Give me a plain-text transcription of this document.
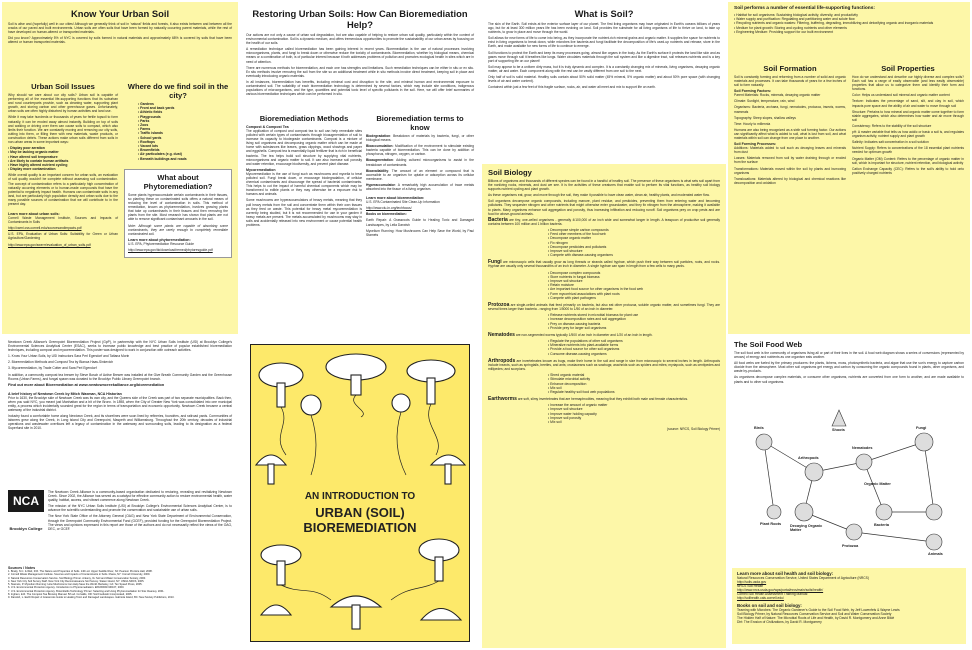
Know Your Urban Soil

Soil is alive and (hopefully) well in our cities! Although we generally think of soil in 'natural' fields and forests, it also exists between and between all the cracks of our paved and built environments. Urban soils are often soils that have been formed by naturally occurring parent materials, while the rest of have developed on human-altered or transported materials.

Did you know? Approximately 5% of NYC is covered by soils formed in natural materials and approximately 68% is covered by soils that have been altered or human transported materials.

Urban Soil Issues

Why should we care about our city soils? Urban soil is capable of performing all of the essential life-supporting functions that its suburban and rural counterparts provide, such as cleaning water, supporting plant growth, and storing carbon and other greenhouse gases. Unfortunately, urban soils are often highly disturbed by human activities and land use.

While it may take hundreds or thousands of years for fertile topsoil to form naturally, it can be eroded away almost instantly. Building on top of soils and walking or driving over them can cause soils to compact, which also limits their function. We are constantly moving and removing our city soils, cutting into them, or filling them with new materials, waste products, or construction debris. These actions make urban soils different from soils in non-urban areas in some important ways:

• Display poor aeration
• May be lacking organic matter
• Have altered soil temperature
• Are likely to contain human artifacts
• Have highly altered nutrient cycling
• Display more contamination

While overall quality is an important concern for urban soils, an evaluation of soil quality wouldn't be complete without assessing soil contamination. The concept of contamination refers to a particularly high concentration of naturally occurring elements or to human-made compounds that have the potential to negatively impact health. Humans can contaminate soils in any land, but are particularly high population density and urban soils due to the many possible sources of contamination that we will contribute to in the present day.

Learn more about urban soils:

Cornell Waste Management Institute, Sources and Impacts of Contaminants in Soils

http://cwmi.css.cornell.edu/sourcesandimpacts.pdf

U.S. EPA, Evaluation of Urban Soils: Suitability for Green or Urban Agriculture/Gardening

http://www.epa.gov/swerrr/evaluation_of_urban_soils.pdf

Where do we find soil in the city?
• Gardens
• Front and back yards
• Athletic fields
• Playgrounds
• Parks
• Zoos
• Farms
• Traffic islands
• School yards
• Rooftops
• Vacant lots
• Brownfields
• Air particulates (e.g. dust)
• Beneath buildings and roads
What about Phytoremediation?

Some plants hyperaccumulate certain contaminants in their tissues, so planting these on contaminated soils offers a natural means of reducing the level of contamination in soils. This method of remediation, known as phytoremediation, involves growing plants that take up contaminants in their tissues and then removing the plants from the site. Most research has shown that plants are not able to remove significant contaminant amounts in the soil.

Note: Although some plants are capable of absorbing some contaminants, they are rarely enough to completely remediate contaminated soil.

Learn more about phytoremediation:

U.S. EPA, Phytoremediation Resource Guide

http://www.epa.gov/tio/download/remed/phytoresguide.pdf

Restoring Urban Soils: How Can Bioremediation Help?

Our actions are not only a cause of urban soil degradation, but are also capable of helping to restore urban soil quality, particularly within the context of environmental contamination. Soil is a dynamic medium, and offers tremendous opportunities to promote the sustainability of our urban areas by focusing on the health of our soils.

A remediation technique called bioremediation has been gaining interest in recent years. Bioremediation is the use of natural processes involving microorganisms, plants, and fungi to break down or otherwise reduce the toxicity of contaminants. Bioremediation, whether by biological means, chemical means or a combination of both, is of particular interest because it both addresses problems of pollution and promotes ecological health in sites which are in need of attention.

There are numerous methods for bioremediation, and each one has strengths and limitations. Such remediation techniques can be either in situ or ex situ. Ex situ methods involve removing the soil from the site so an additional treatment while in situ methods involve direct treatment, keeping soil in place and eventually introducing organic materials.

In all instances, bioremediation has benefits, including minimal cost and disruption to the site, and minimal human and environmental exposure to contaminated soil. The suitability of each bioremediation technology is determined by several factors, which may include site conditions, indigenous populations of microorganisms, and the type, quantities and potential toxic level of specific pollutants in the soil. Here, we will offer brief summaries of various bioremediation techniques which can be performed in situ.

Bioremediation Methods
Compost & Compost Tea

The application of compost and compost tea to soil can help remediate sites polluted with certain types of contaminants through bioaugmentation of soil to increase its capacity to biodegrade contaminants. Compost is a mixture of living soil organisms and decomposing organic matter which can be made at home with substances like leaves, grass clippings, wood shavings and paper and eggshells. Compost tea is essentially liquid fertilizer that is rich in beneficial bacteria. The tea helps build soil structure by supplying vital nutrients, microorganisms and organic matter to soil. It can also increase soil porosity and water retention, encourage biodiversity, and prevent plant disease.

Mycoremediation

Mycoremediation is the use of fungi such as mushrooms and mycelia to treat polluted soil. Fungi break down, or encourage biodegradation, of cellular chemical contaminants and discourage the spread of bacterial contaminants. This helps to cut the impact of harmful chemical components which may be transformed to edible plants or they may otherwise be a exposure risk to humans and animals.

Some mushrooms are hyperaccumulators of heavy metals, meaning that they pull heavy metals from the soil and concentrate them within their own tissues as they feed on waste. This potential for heavy metal mycoremediation is currently being studied, but it is not recommended for use in your garden if heavy metals are present. The metals accumulated by mushrooms may stay in soils and accidentally released into new environment or cause potential health problems.

Bioremediation terms to know

Biodegradation: Breakdown of materials by bacteria, fungi, or other biological means.

Bioaccumulation: Modification of the environment to stimulate existing bacteria capable of bioremediation. This can be done by addition of phosphorus, nitrogen, oxygen, or carbon.

Bioaugmentation: Adding cultured microorganisms to assist in the breakdown of contaminants.

Bioavailability: The amount of an element or compound that is accessible to an organism for uptake or adsorption across its cellular membrane.

Hyperaccumulator: A remarkably high accumulation of trace metals absorbed into the tissue of a living organism.

Learn more about bioremediation:

U.S. EPA Contaminated Site Clean-Up Information

http://www.clu-in.org/techfocus/

Books on bioremediation:

Earth Repair: A Grassroots Guide to Healing Toxic and Damaged Landscapes, by Leila Darwish

Mycelium Running: How Mushrooms Can Help Save the World, by Paul Stamets

Newtown Creek Alliance's Greenpoint Bioremediation Project (GpP), in partnership with the NYC Urban Soils Institute (USI) at Brooklyn College's Environmental Sciences Analytical Center (ESAC), seeks to increase public knowledge and best practice of popular established bioremediation techniques, including compost and mycoremediation. This poster was designed to work in conjunction with outreach activities.

1. Know Your Urban Soils, by USI instructors Sara Perl Egendorf and Tatiana Morin

2. Bioremediation Methods and Compost Tea by Bianca Haas-Sinkevich

3. Mycoremediation, by Trade Cotter and Sara Perl Egendorf

In addition, a community compost tea brewer by Steve Bosch of Active Brewer was installed at the Give Breath Community Garden and the Greenhouse Rooms (Urban Farms), and fungal spawn was donated to the Brooklyn Public Library Greenpoint branch.

Find out more about Bioremediation at www.newtowncreekalliance.org/bioremediation
A brief history of Newtown Creek by Mitch Waxman, NCA Historian

Prior to 1630, the Brooklyn side of Newtown Creek was its own city, and the Queens side of the Creek was part of two separate municipalities. Back then, when you said NYC, you meant just Manhattan and a bit of the Bronx. In 1898, when the City of Greater New York was consolidated into one municipal entity, a process which incidentally sounded great for the region in terms of transportation and economic opportunity. Newtown Creek became a central waterway of the industrial district.

Industry found a comfortable home along Newtown Creek, and its shorelines were soon lined by refineries, foundries, and railroad yards. Communities of laborers grew along the Creek, in Long Island City and Greenpoint, Maspeth and Williamsburg. Throughout the 20th century, decades of industrial operations and wastewater overflows left a legacy of contamination in the waterway and surrounding soils, leading to its designation as a federal Superfund site in 2010.

NCA
Brooklyn College

The Newtown Creek Alliance is a community-based organization dedicated to restoring, revealing and revitalizing Newtown Creek. Since 2002, the Alliance has served as a catalyst for effective community action to restore environmental health, water quality, habitat, access, and vibrant commerce along Newtown Creek.

The mission of the NYC Urban Soils Institute (USI) at Brooklyn College's Environmental Sciences Analytical Center, is to advance the scientific understanding and promote the conservation and sustainable use of urban soils.

The New York State Office of the Attorney General (OAG) and New York State Department of Environmental Conservation, through the Greenpoint Community Environmental Fund (GCEF), provided funding for the Greenpoint Bioremediation Project. The views and opinions expressed in this report are those of the authors and do not necessarily reflect the views of the OAG, DEC, or GCEF.

Sources / Notes

1. Brady, N.C. & Weil, R.R. The Nature and Properties of Soils. 14th ed. Upper Saddle River, NJ: Pearson Prentice Hall, 2008.

2. Cornell Waste Management Institute. Sources and Impacts of Contaminants in Soils. Ithaca, NY: Cornell University, 2009.

3. Natural Resources Conservation Service. Soil Biology Primer. Ankeny, IA: Soil and Water Conservation Society, 2000.

4. New York City Soil Survey Staff. New York City Reconnaissance Soil Survey. Staten Island, NY: USDA-NRCS, 2005.

5. Stamets, P. Mycelium Running: How Mushrooms Can Help Save the World. Berkeley, CA: Ten Speed Press, 2005.

6. U.S. Environmental Protection Agency. Introduction to Phytoremediation. EPA/600/R-99/107, 2000.

7. U.S. Environmental Protection Agency. Brownfields Technology Primer: Selecting and Using Phytoremediation for Site Cleanup, 2001.

8. Ingham, E.R. The Compost Tea Brewing Manual. 5th ed. Corvallis, OR: Soil Foodweb Incorporated, 2005.

9. Darwish, L. Earth Repair: A Grassroots Guide to Healing Toxic and Damaged Landscapes. Gabriola Island, BC: New Society Publishers, 2013.

AN INTRODUCTION TO
URBAN (SOIL) BIOREMEDIATION
What is Soil?

The skin of the Earth. Soil exists at the exterior surface layer of our planet. The first living organisms may have originated in Earth's oceans billions of years ago, but for at least 300 million years life has been evolving on land. Soil provides the substrate for all living organisms of life to thrive on land, to take up nutrients, to grow in place and move through the world.

Soil allows for new forms of life to come into being, as they incorporate the nutrient-rich mineral grains and organic matter. It supplies the space for nutrients to exist in living organisms to break down, while microbes live bacteria and fungi facilitate the decomposition of life's used-up nutrients and release, store in the Earth, and make available for new forms of life to continue to emerge.

Soil functions to protect the Earth and keep its many processes going, almost like organs in the body. As the Earth's surface it protects the land like skin and as gases move through soil it breathes like lungs. Water circulates materials through the soil system and like a digestive tract, soil releases nutrients and is a key part of supporting life on our planet!

Soil may appear to be a uniform dirty mass, but it is truly dynamic and complex. It is a constantly changing mix of minerals, living organisms, decaying organic matter, air and water. Each component along with the rest can be vastly different from one soil to the next.

Only half of soil is solid material. Healthy soils contain about 50% solid matter (45% mineral, 5% organic matter) and about 50% pore space (with changing levels of air and water content).

Contained within just a few feet of this fragile surface, rocks, air, and water all meet and mix to support life on earth.

Soil Biology

Billions of organisms and thousands of different species can be found in a handful of healthy soil. The presence of these organisms is what sets soil apart from the nonliving rocks, minerals, and dust we see. It is the activities of these creatures that enable soil to perform its vital functions, as healthy soil biology supports nutrient cycling and plant growth.

As these organisms eat, grow, and move through the soil, they make it possible to have clean water, clean air, healthy plants, and moderated water flow.

Soil organisms decompose organic compounds, including manure, plant residue, and pesticides, preventing them from entering water and becoming pollutants. They sequester nitrogen and other nutrients that might otherwise enter groundwater, and they fix nitrogen from the atmosphere, making it available to plants. Many organisms enhance soil aggregation and porosity, thus increasing infiltration and reducing runoff. Soil organisms prey on crop pests and are food for above-ground animals.

Bacteria are tiny, one-celled organisms - generally 4/100,000 of an inch wide and somewhat longer in length. A teaspoon of productive soil generally contains between 100 million and 1 billion bacteria.

• Decompose simple carbon compounds
• Feed other members of the food web
• Decompose organic matter
• Fix nitrogen
• Decompose pesticides and pollutants
• Improve soil structure
• Compete with disease-causing organisms

Fungi are microscopic cells that usually grow as long threads or strands called hyphae, which push their way between soil particles, roots, and rocks. Hyphae are usually only several thousandths of an inch in diameter. A single hyphae can span in length from a few cells to many yards.

• Decompose complex compounds
• Store nutrients in fungal biomass
• Improve soil structure
• Retain moisture
• Are important food source for other organisms in the food web
• Form mycorrhizal associations with plant roots
• Compete with plant pathogens

Protozoa are single-celled animals that feed primarily on bacteria, but also eat other protozoa, soluble organic matter, and sometimes fungi. They are several times larger than bacteria - ranging from 1/5000 to 1/50 of an inch in diameter.

• Release nutrients stored in microbial biomass for plant use
• Increase decomposition rates and soil aggregation
• Prey on disease-causing bacteria
• Provide prey for larger soil organisms

Nematodes are non-segmented worms typically 1/500 of an inch in diameter and 1/20 of an inch in length.

• Regulate the populations of other soil organisms
• Mineralize nutrients into plant-available forms
• Provide a food source for other soil organisms
• Consume disease-causing organisms

Arthropods are invertebrates known as bugs, make their home in the soil and range in size from microscopic to several inches in length. Arthropods include insects, such as springtails, beetles, and ants; crustaceans such as sowbugs; arachnids such as spiders and mites; myriapods, such as centipedes and millipedes; and scorpions.

• Shred organic material
• Stimulate microbial activity
• Enhance decomposition
• Mix soil
• Regulate healthy soil food web populations

Earthworms are soft, slimy invertebrates that are hermaphrodites, meaning that they exhibit both male and female characteristics.

• Increase the amount of organic matter
• Improve soil structure
• Improve water holding capacity
• Improve soil porosity
• Mix soil

(source: NRCS, Soil Biology Primer)

Soil performs a number of essential life-supporting functions:
• Habitat for soil organisms: Sustaining biological activity, diversity, and productivity
• Water supply and purification: Regulating and partitioning water and solute flow
• Recycling nutrients and organic wastes: Filtering, buffering, degrading, immobilizing and detoxifying organic and inorganic materials
• Medium for plant growth: Storing and cycling nutrients and other elements
• Engineering Medium: Providing support for our built environment
Soil Formation

Soil is constantly forming and reforming from a number of solid and organic materials and processes. It can take thousands of years for a few inches of soil to form naturally.

Soil Forming Factors:

Parent Materials: Rocks, minerals, decaying organic matter

Climate: Sunlight, temperature, rain, wind

Organisms: Bacteria, archaea, fungi, nematodes, protozoa, insects, worms, mammals

Topography: Steep slopes, shallow valleys

Time: Hourly to millennia

Humans are also being recognized as a sixth soil forming factor. Our actions can significantly affect what is added to soil, what is lost from soil, and what materials within soil can change from one place to another.

Soil Forming Processes:

Additions: Materials added to soil such as decaying leaves and minerals from dust

Losses: Materials removed from soil by water draining through or eroded from the surface

Transformations: Materials moved within the soil by plants and burrowing organisms

Translocations: Materials altered by biological and chemical reactions like decomposition and oxidation

Soil Properties

How do we understand and describe our highly diverse and complex soils? Each soil has a range of easily observable (and less easily observable) properties that allow us to categorize them and identify their form and functions.

Color: Helps us understand soil mineral and organic matter content

Texture: Indicates the percentage of sand, silt, and clay in soil, which impacts pore space and the ability of air and water to move through soil

Structure: Pertains to how mineral and organic matter come together to form stable aggregates, which also determines how water and air move through soil

Consistency: Refers to the stability of the soil structure

pH: A master variable that tells us how acidic or basic a soil is, and regulates organism activity, nutrient supply and plant growth

Salinity: Indicates salt concentration in a soil solution

Nutrient Supply: Refers to concentrations of the 18 essential plant nutrients needed for optimum growth

Organic Matter (OM) Content: Refers to the percentage of organic matter in soil, which is important for structure, nutrient retention, and biological activity

Cation Exchange Capacity (CEC): Refers to the soil's ability to hold onto positively charged nutrients

The Soil Food Web

The soil food web is the community of organisms living all or part of their lives in the soil. A food web diagram shows a series of conversions (represented by arrows) of energy and nutrients as one organism eats another.

All food webs are fueled by the primary producers: the plants, lichens, moss, photosynthetic bacteria, and algae that use the sun's energy to capture carbon dioxide from the atmosphere. Most other soil organisms get energy and carbon by consuming the organic compounds found in plants, other organisms, and waste by-products.

As organisms decompose complex materials, or consume other organisms, nutrients are converted from one form to another, and are made available to plants and to other soil organisms.

Birds
Arthropods
Nematodes
Fungi
Organic Matter
Plant Roots Decaying Organic Matter
Bacteria
Protozoa
Animals
Shoots
Learn more about soil health and soil biology:

Natural Resources Conservation Service, United States Department of Agriculture (NRCS)

http://soils.usda.gov

NRCS Soil Health

http://www.nrcs.usda.gov/wps/portal/nrcs/main/soils/health/

Cornell Soil Health Assessment Training Manual

http://soilhealth.cals.cornell.edu/

Books on soil and soil biology:

Teaming with Microbes: The Organic Gardener's Guide to the Soil Food Web, by Jeff Lowenfels & Wayne Lewis

Soil Biology Primer, by Natural Resources Conservation Service and Soil and Water Conservation Society

The Hidden Half of Nature: The Microbial Roots of Life and Health, by David R. Montgomery and Anne Biklé

Dirt: The Erosion of Civilizations, by David R. Montgomery
